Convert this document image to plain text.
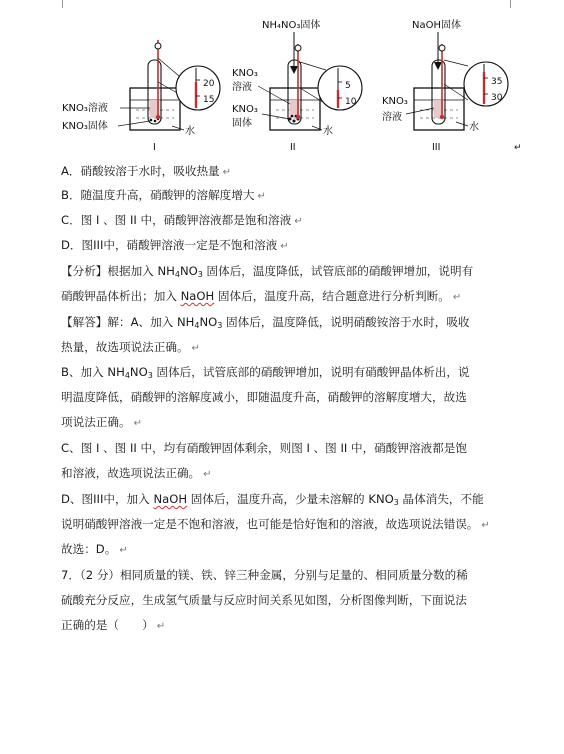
20
15
KNO₃溶液
KNO₃固体	水
I
NH₄NO₃固体
5
10
KNO₃
溶液
KNO₃
固体
水
II
NaOH固体
35
30
KNO₃
溶液
水
III	↵
A．硝酸铵溶于水时，吸收热量 ↵
B．随温度升高，硝酸钾的溶解度增大 ↵
C．图 I 、图 II 中，硝酸钾溶液都是饱和溶液 ↵
D．图III中，硝酸钾溶液一定是不饱和溶液 ↵
【分析】根据加入 $NH_4NO_3$ 固体后，温度降低，试管底部的硝酸钾增加，说明有
硝酸钾晶体析出；加入 NaOH 固体后，温度升高，结合题意进行分析判断。 ↵
【解答】解：A、加入 $NH_4NO_3$ 固体后，温度降低，说明硝酸铵溶于水时，吸收
热量，故选项说法正确。 ↵
B、加入 $NH_4NO_3$ 固体后，试管底部的硝酸钾增加，说明有硝酸钾晶体析出，说
明温度降低，硝酸钾的溶解度减小，即随温度升高，硝酸钾的溶解度增大，故选
项说法正确。 ↵
C、图 I 、图 II 中，均有硝酸钾固体剩余，则图 I 、图 II 中，硝酸钾溶液都是饱
和溶液，故选项说法正确。 ↵
D、图III中，加入 NaOH 固体后，温度升高，少量未溶解的 $KNO_3$ 晶体消失，不能
说明硝酸钾溶液一定是不饱和溶液，也可能是恰好饱和的溶液，故选项说法错误。 ↵
故选：D。 ↵
7．（2 分）相同质量的镁、铁、锌三种金属，分别与足量的、相同质量分数的稀
硫酸充分反应，生成氢气质量与反应时间关系见如图，分析图像判断，下面说法
正确的是（　　） ↵
